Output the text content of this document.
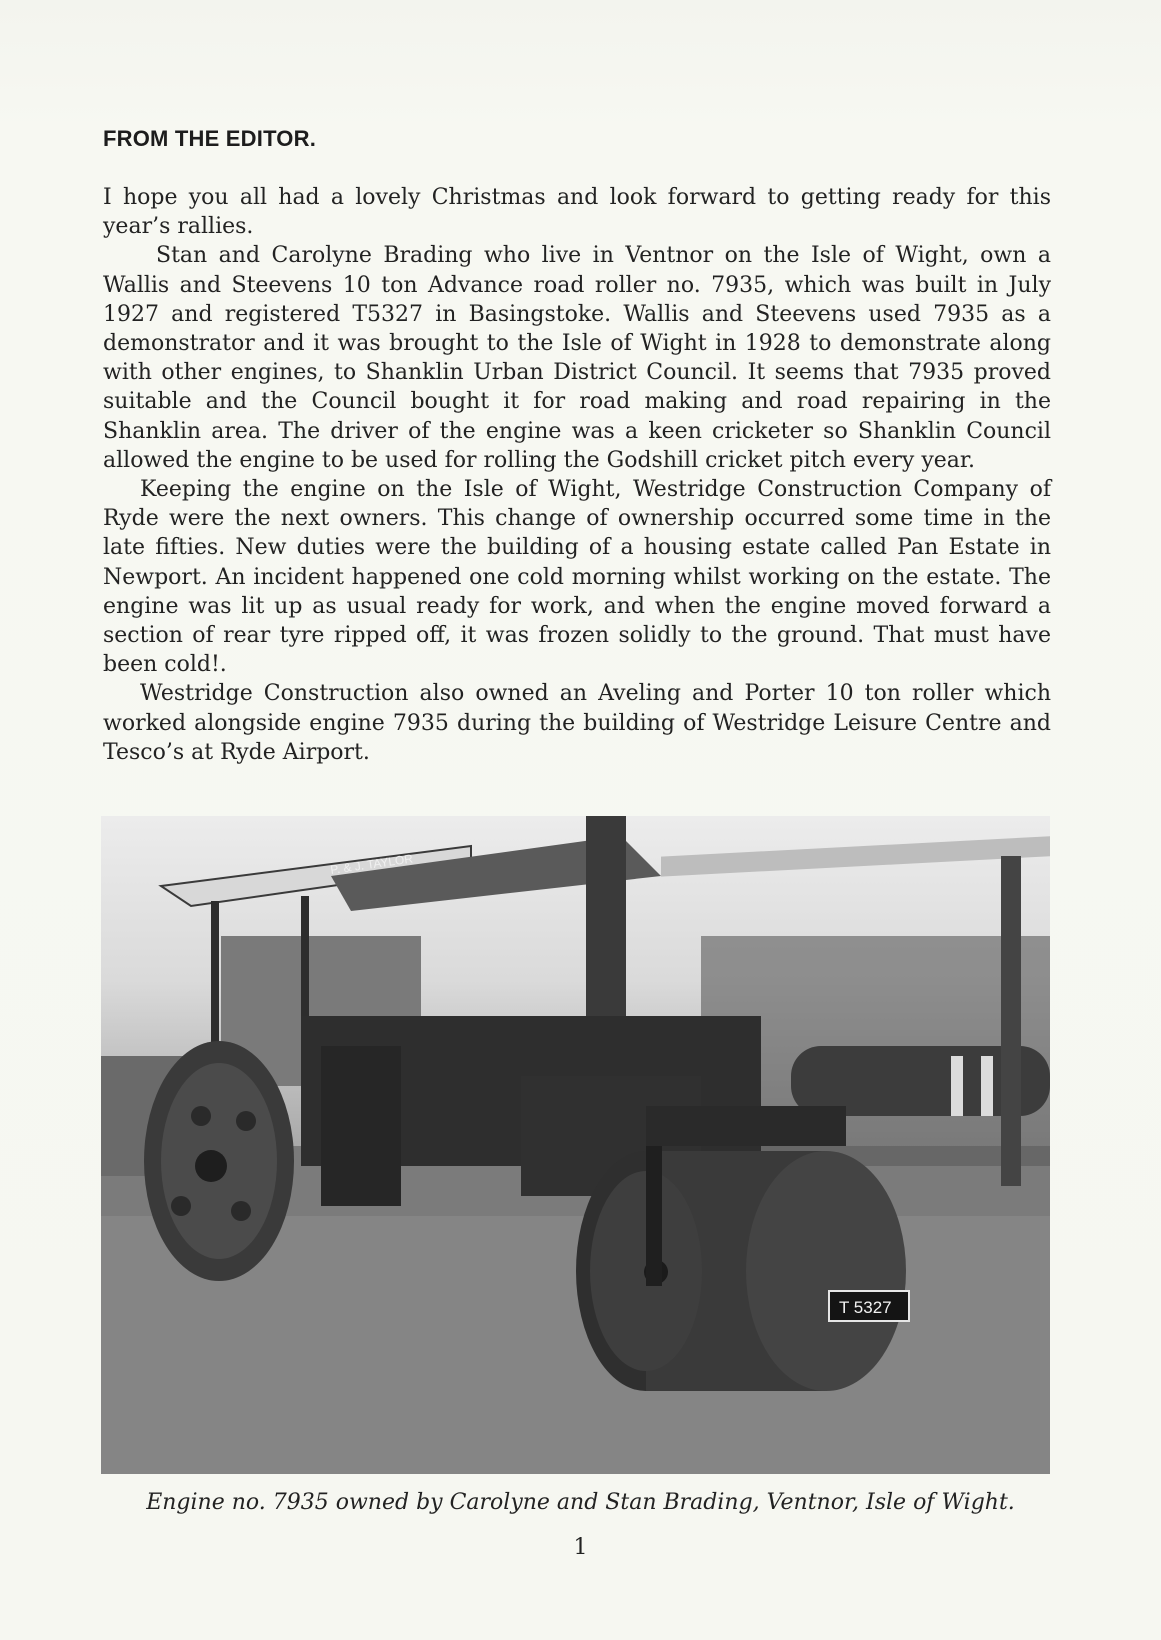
FROM THE EDITOR.

I hope you all had a lovely Christmas and look forward to getting ready for this year’s rallies.

Stan and Carolyne Brading who live in Ventnor on the Isle of Wight, own a Wallis and Steevens 10 ton Advance road roller no. 7935, which was built in July 1927 and registered T5327 in Basingstoke. Wallis and Steevens used 7935 as a demonstrator and it was brought to the Isle of Wight in 1928 to demonstrate along with other engines, to Shanklin Urban District Council. It seems that 7935 proved suitable and the Council bought it for road making and road repairing in the Shanklin area. The driver of the engine was a keen cricketer so Shanklin Council allowed the engine to be used for rolling the Godshill cricket pitch every year.

Keeping the engine on the Isle of Wight, Westridge Construction Company of Ryde were the next owners. This change of ownership occurred some time in the late fifties. New duties were the building of a housing estate called Pan Estate in Newport. An incident happened one cold morning whilst working on the estate. The engine was lit up as usual ready for work, and when the engine moved forward a section of rear tyre ripped off, it was frozen solidly to the ground. That must have been cold!.

Westridge Construction also owned an Aveling and Porter 10 ton roller which worked alongside engine 7935 during the building of Westridge Leisure Centre and Tesco’s at Ryde Airport.

P. & J. TAYLOR
T 5327
Engine no. 7935 owned by Carolyne and Stan Brading, Ventnor, Isle of Wight.
1
